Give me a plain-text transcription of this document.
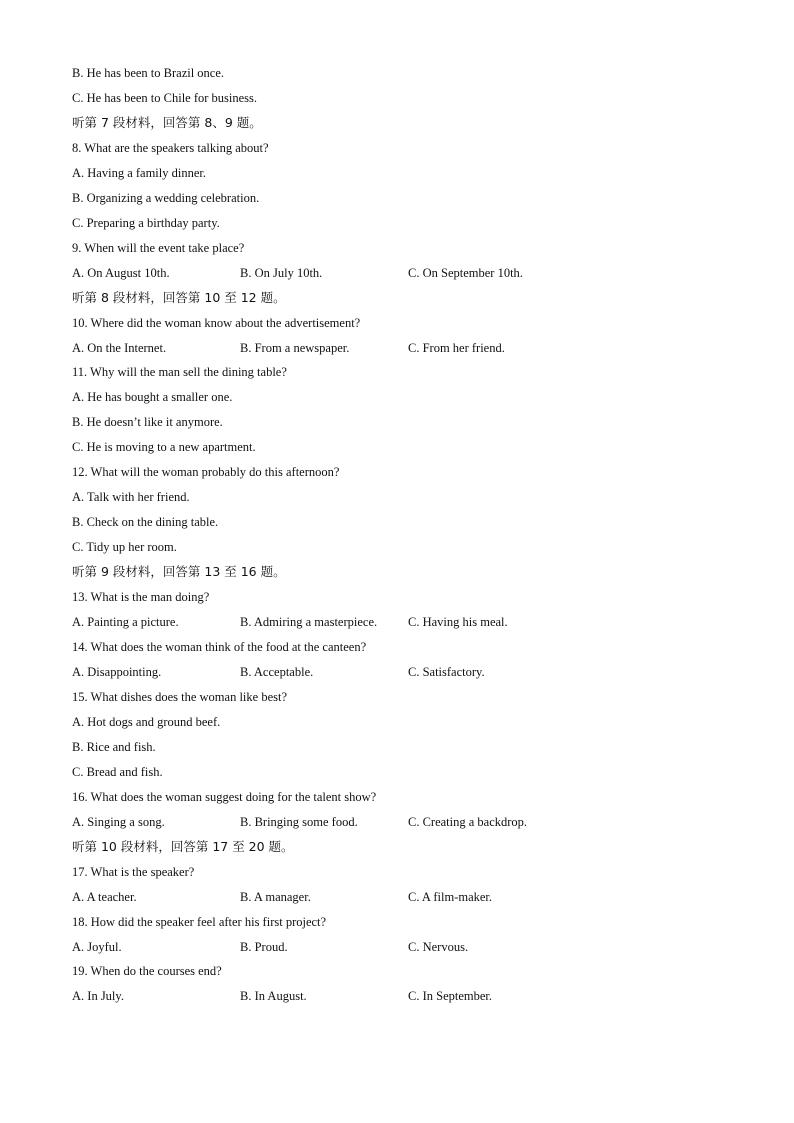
B. He has been to Brazil once.
C. He has been to Chile for business.
听第 7 段材料，回答第 8、9 题。
8. What are the speakers talking about?
A. Having a family dinner.
B. Organizing a wedding celebration.
C. Preparing a birthday party.
9. When will the event take place?
A. On August 10th.	B. On July 10th.	C. On September 10th.
听第 8 段材料，回答第 10 至 12 题。
10. Where did the woman know about the advertisement?
A. On the Internet.	B. From a newspaper.	C. From her friend.
11. Why will the man sell the dining table?
A. He has bought a smaller one.
B. He doesn’t like it anymore.
C. He is moving to a new apartment.
12. What will the woman probably do this afternoon?
A. Talk with her friend.
B. Check on the dining table.
C. Tidy up her room.
听第 9 段材料，回答第 13 至 16 题。
13. What is the man doing?
A. Painting a picture.	B. Admiring a masterpiece. C. Having his meal.
14. What does the woman think of the food at the canteen?
A. Disappointing.	B. Acceptable.	C. Satisfactory.
15. What dishes does the woman like best?
A. Hot dogs and ground beef.
B. Rice and fish.
C. Bread and fish.
16. What does the woman suggest doing for the talent show?
A. Singing a song.	B. Bringing some food.	C. Creating a backdrop.
听第 10 段材料，回答第 17 至 20 题。
17. What is the speaker?
A. A teacher.	B. A manager.	C. A film-maker.
18. How did the speaker feel after his first project?
A. Joyful.	B. Proud.	C. Nervous.
19. When do the courses end?
A. In July.	B. In August.	C. In September.
